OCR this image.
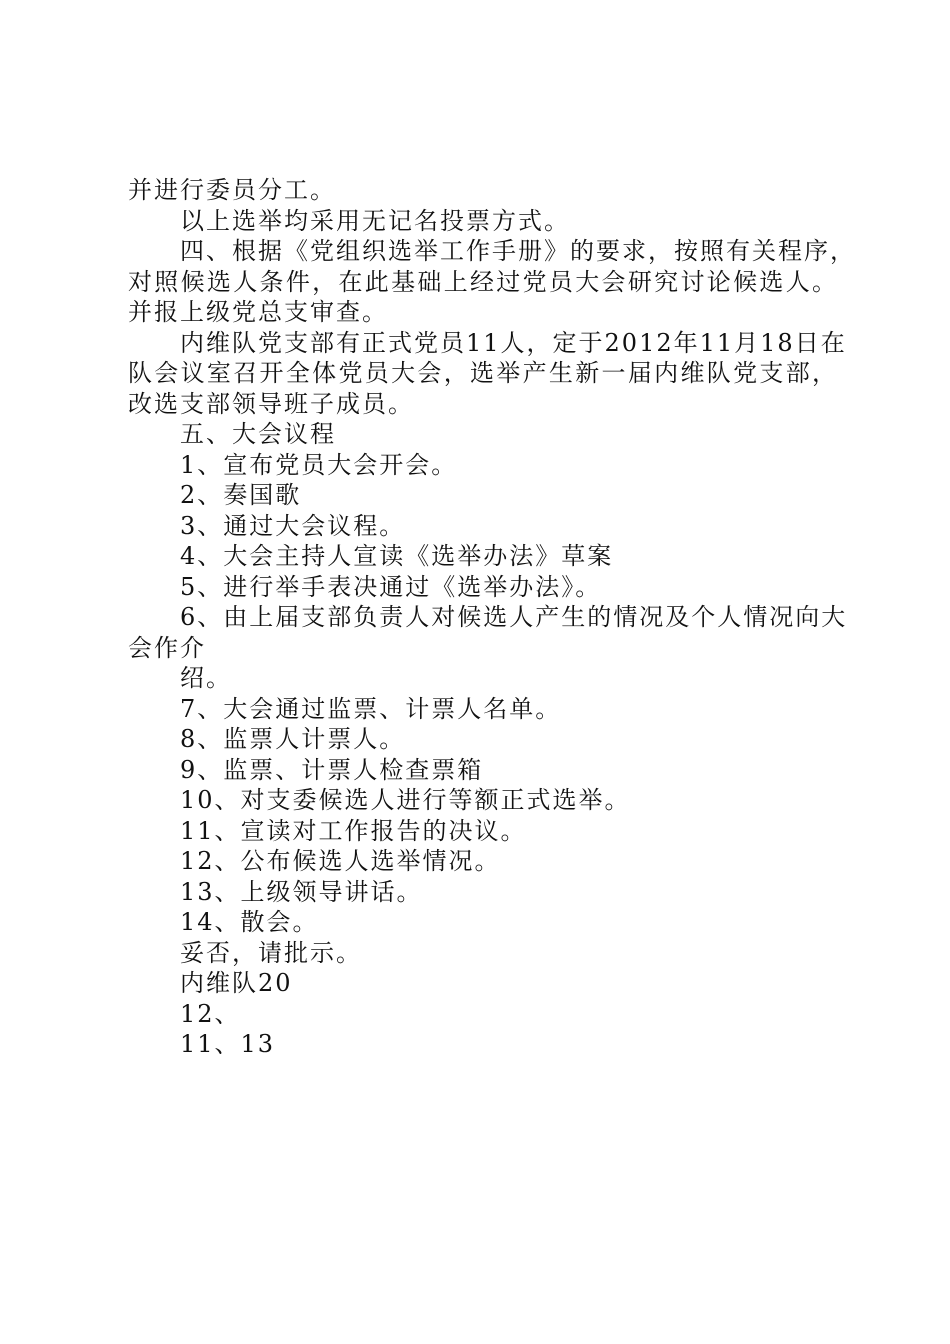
并进行委员分工。

以上选举均采用无记名投票方式。

四、根据《党组织选举工作手册》的要求，按照有关程序，

对照候选人条件，在此基础上经过党员大会研究讨论候选人。

并报上级党总支审查。

内维队党支部有正式党员11人，定于2012年11月18日在

队会议室召开全体党员大会，选举产生新一届内维队党支部，

改选支部领导班子成员。

五、大会议程

1、宣布党员大会开会。

2、奏国歌

3、通过大会议程。

4、大会主持人宣读《选举办法》草案

5、进行举手表决通过《选举办法》。

6、由上届支部负责人对候选人产生的情况及个人情况向大

会作介

绍。

7、大会通过监票、计票人名单。

8、监票人计票人。

9、监票、计票人检查票箱

10、对支委候选人进行等额正式选举。

11、宣读对工作报告的决议。

12、公布候选人选举情况。

13、上级领导讲话。

14、散会。

妥否，请批示。

内维队20

12、

11、13
